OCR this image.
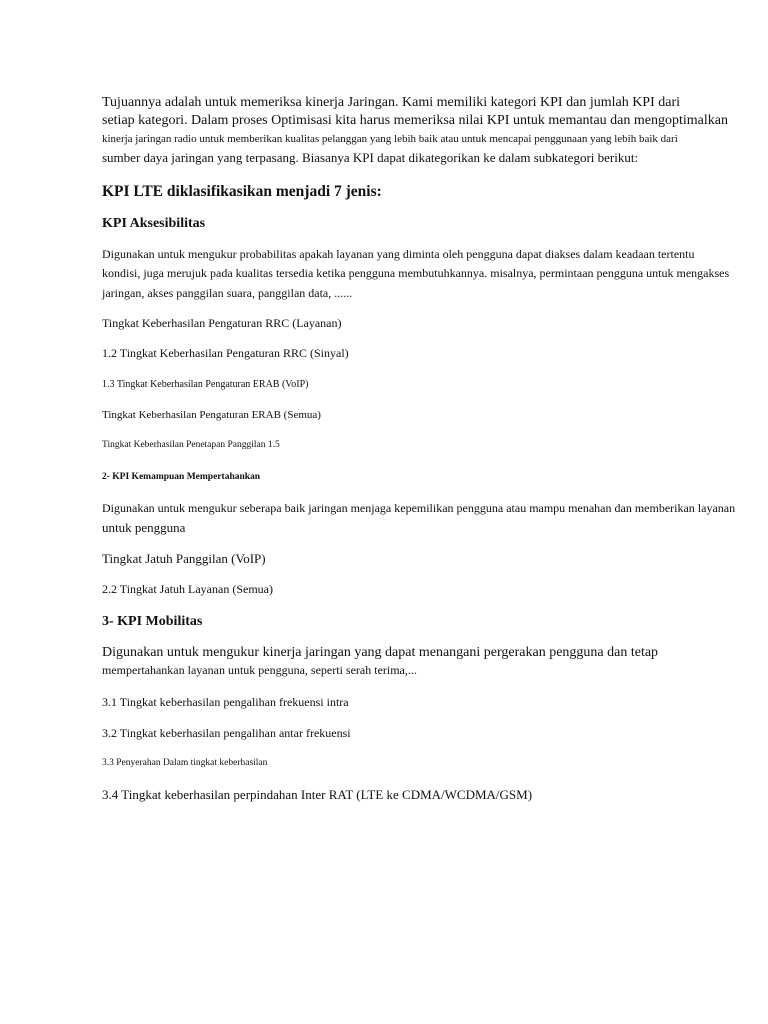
Tujuannya adalah untuk memeriksa kinerja Jaringan. Kami memiliki kategori KPI dan jumlah KPI dari

setiap kategori. Dalam proses Optimisasi kita harus memeriksa nilai KPI untuk memantau dan mengoptimalkan

kinerja jaringan radio untuk memberikan kualitas pelanggan yang lebih baik atau untuk mencapai penggunaan yang lebih baik dari

sumber daya jaringan yang terpasang. Biasanya KPI dapat dikategorikan ke dalam subkategori berikut:

KPI LTE diklasifikasikan menjadi 7 jenis:
KPI Aksesibilitas

Digunakan untuk mengukur probabilitas apakah layanan yang diminta oleh pengguna dapat diakses dalam keadaan tertentu

kondisi, juga merujuk pada kualitas tersedia ketika pengguna membutuhkannya. misalnya, permintaan pengguna untuk mengakses

jaringan, akses panggilan suara, panggilan data, ......

Tingkat Keberhasilan Pengaturan RRC (Layanan)

1.2 Tingkat Keberhasilan Pengaturan RRC (Sinyal)

1.3 Tingkat Keberhasilan Pengaturan ERAB (VoIP)

Tingkat Keberhasilan Pengaturan ERAB (Semua)

Tingkat Keberhasilan Penetapan Panggilan 1.5

2- KPI Kemampuan Mempertahankan

Digunakan untuk mengukur seberapa baik jaringan menjaga kepemilikan pengguna atau mampu menahan dan memberikan layanan

untuk pengguna

Tingkat Jatuh Panggilan (VoIP)

2.2 Tingkat Jatuh Layanan (Semua)

3- KPI Mobilitas

Digunakan untuk mengukur kinerja jaringan yang dapat menangani pergerakan pengguna dan tetap

mempertahankan layanan untuk pengguna, seperti serah terima,...

3.1 Tingkat keberhasilan pengalihan frekuensi intra

3.2 Tingkat keberhasilan pengalihan antar frekuensi

3.3 Penyerahan Dalam tingkat keberhasilan

3.4 Tingkat keberhasilan perpindahan Inter RAT (LTE ke CDMA/WCDMA/GSM)
